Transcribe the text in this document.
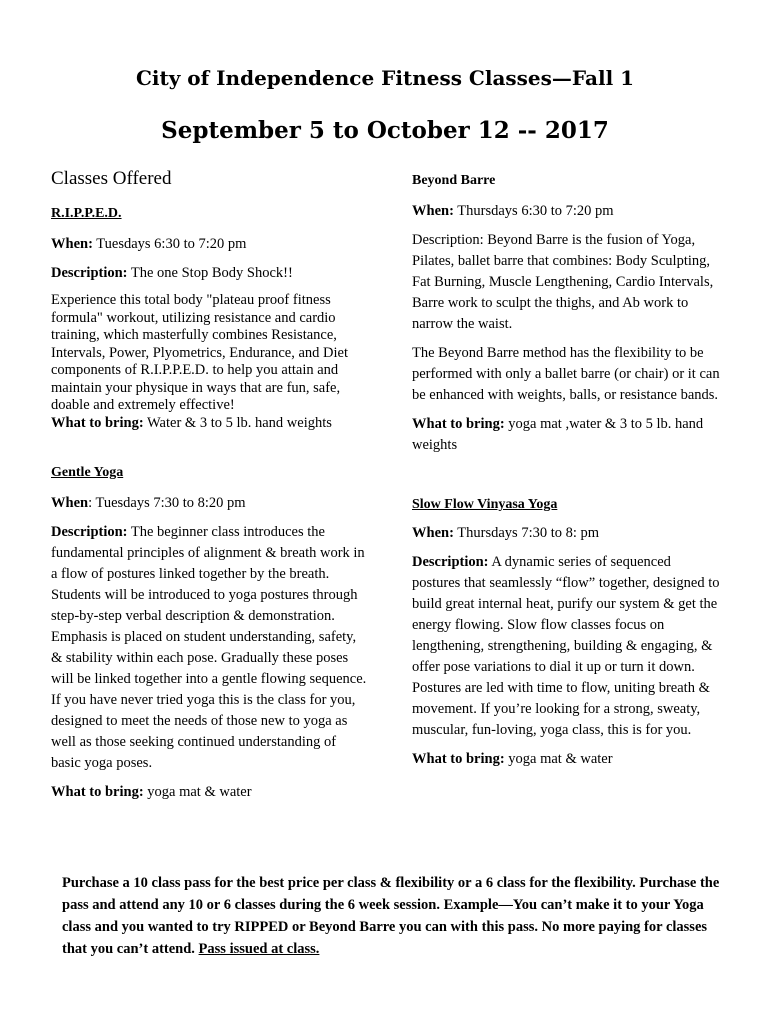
City of Independence Fitness Classes—Fall 1
September 5 to October 12 -- 2017
Classes Offered

R.I.P.P.E.D.

When: Tuesdays 6:30 to 7:20 pm

Description: The one Stop Body Shock!!

Experience this total body "plateau proof fitness formula" workout, utilizing resistance and cardio training, which masterfully combines Resistance, Intervals, Power, Plyometrics, Endurance, and Diet components of R.I.P.P.E.D. to help you attain and maintain your physique in ways that are fun, safe, doable and extremely effective!
What to bring: Water & 3 to 5 lb. hand weights

Gentle Yoga

When: Tuesdays 7:30 to 8:20 pm

Description: The beginner class introduces the fundamental principles of alignment & breath work in a flow of postures linked together by the breath. Students will be introduced to yoga postures through step-by-step verbal description & demonstration. Emphasis is placed on student understanding, safety, & stability within each pose. Gradually these poses will be linked together into a gentle flowing sequence. If you have never tried yoga this is the class for you, designed to meet the needs of those new to yoga as well as those seeking continued understanding of basic yoga poses.

What to bring: yoga mat & water

Beyond Barre

When: Thursdays 6:30 to 7:20 pm

Description: Beyond Barre is the fusion of Yoga, Pilates, ballet barre that combines: Body Sculpting, Fat Burning, Muscle Lengthening, Cardio Intervals, Barre work to sculpt the thighs, and Ab work to narrow the waist.

The Beyond Barre method has the flexibility to be performed with only a ballet barre (or chair) or it can be enhanced with weights, balls, or resistance bands.

What to bring: yoga mat ,water & 3 to 5 lb. hand weights

Slow Flow Vinyasa Yoga

When: Thursdays 7:30 to 8: pm

Description: A dynamic series of sequenced postures that seamlessly “flow” together, designed to build great internal heat, purify our system & get the energy flowing. Slow flow classes focus on lengthening, strengthening, building & engaging, & offer pose variations to dial it up or turn it down. Postures are led with time to flow, uniting breath & movement. If you’re looking for a strong, sweaty, muscular, fun-loving, yoga class, this is for you.

What to bring: yoga mat & water

Purchase a 10 class pass for the best price per class & flexibility or a 6 class for the flexibility. Purchase the pass and attend any 10 or 6 classes during the 6 week session. Example—You can’t make it to your Yoga class and you wanted to try RIPPED or Beyond Barre you can with this pass. No more paying for classes that you can’t attend. Pass issued at class.
